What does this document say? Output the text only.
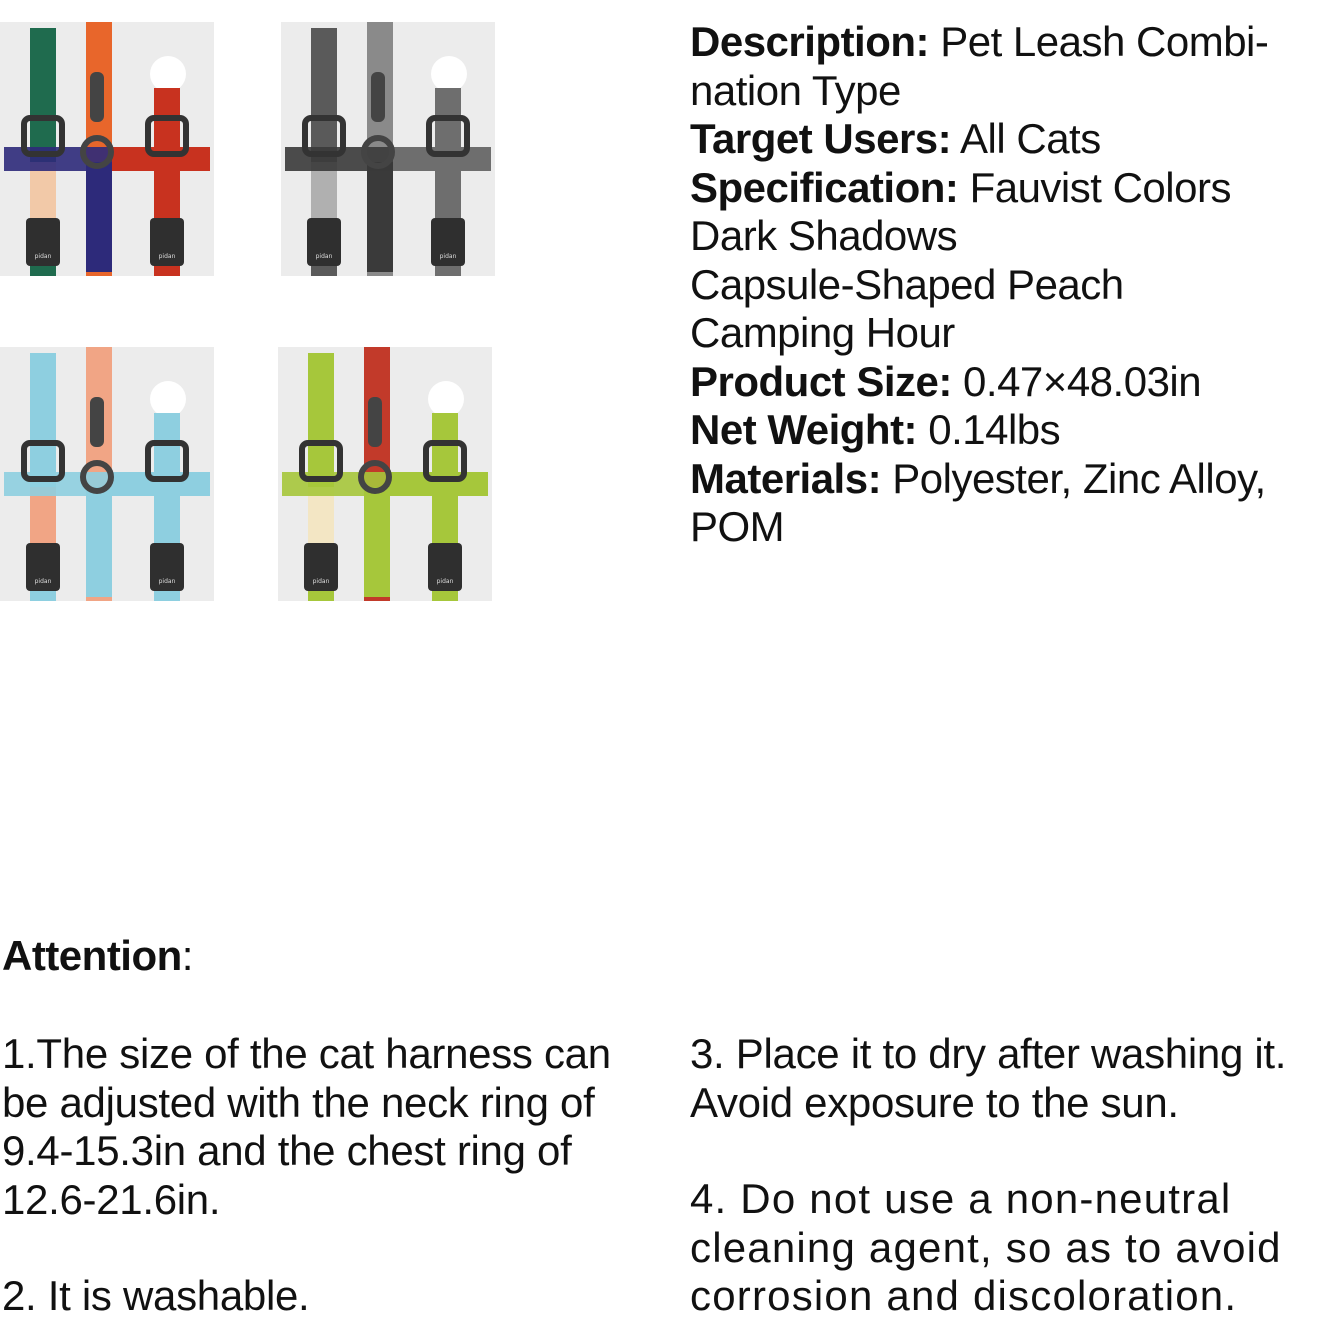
pidan	pidan	pidan	pidan
pidan	pidan	pidan	pidan

Description: Pet Leash Combi-nation Type

Target Users: All Cats

Specification: Fauvist Colors
Dark Shadows
Capsule-Shaped Peach
Camping Hour

Product Size: 0.47×48.03in

Net Weight: 0.14lbs

Materials: Polyester, Zinc Alloy, POM

Attention:

1.The size of the cat harness can be adjusted with the neck ring of 9.4-15.3in and the chest ring of 12.6-21.6in.

2. It is washable.

3. Place it to dry after washing it. Avoid exposure to the sun.

4. Do not use a non-neutral cleaning agent, so as to avoid corrosion and discoloration.
